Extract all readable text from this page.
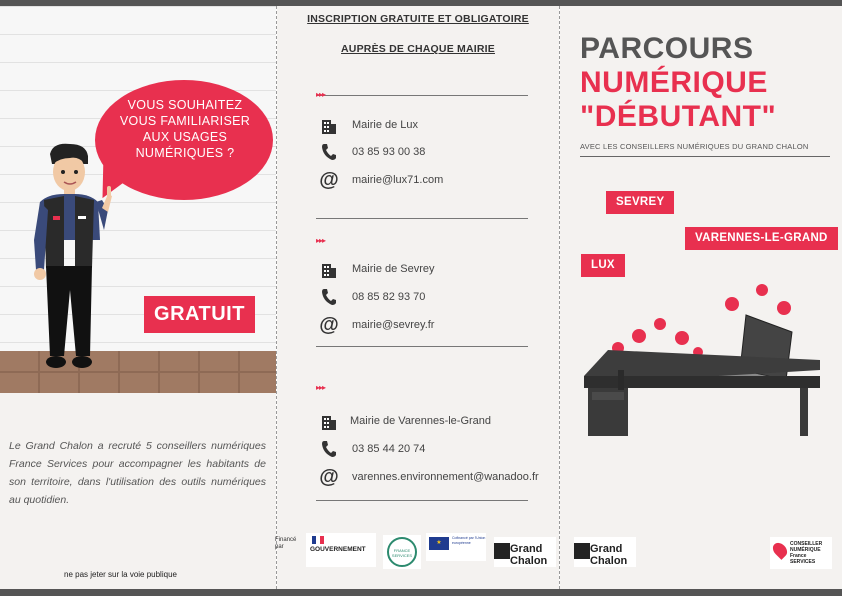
VOUS SOUHAITEZ
VOUS FAMILIARISER
AUX USAGES
NUMÉRIQUES ?
GRATUIT
Le Grand Chalon a recruté 5 conseillers numériques France Services pour accompagner les habitants de son territoire, dans l'utilisation des outils numériques au quotidien.
ne pas jeter sur la voie publique
INSCRIPTION GRATUITE ET OBLIGATOIRE
AUPRÈS DE CHAQUE MAIRIE
▸▸▸
Mairie de Lux
03 85 93 00 38
@ mairie@lux71.com
▸▸▸
Mairie de Sevrey
08 85 82 93 70
@ mairie@sevrey.fr
▸▸▸
Mairie de Varennes-le-Grand
03 85 44 20 74
@ varennes.environnement@wanadoo.fr
Financé par	GOUVERNEMENT	FRANCE SERVICES
★
Cofinancé par l'Union européenne	Grand Chalon
PARCOURS
NUMÉRIQUE
"DÉBUTANT"
AVEC LES CONSEILLERS NUMÉRIQUES DU GRAND CHALON
SEVREY
VARENNES-LE-GRAND
LUX
Grand Chalon
CONSEILLER NUMÉRIQUE France SERVICES
